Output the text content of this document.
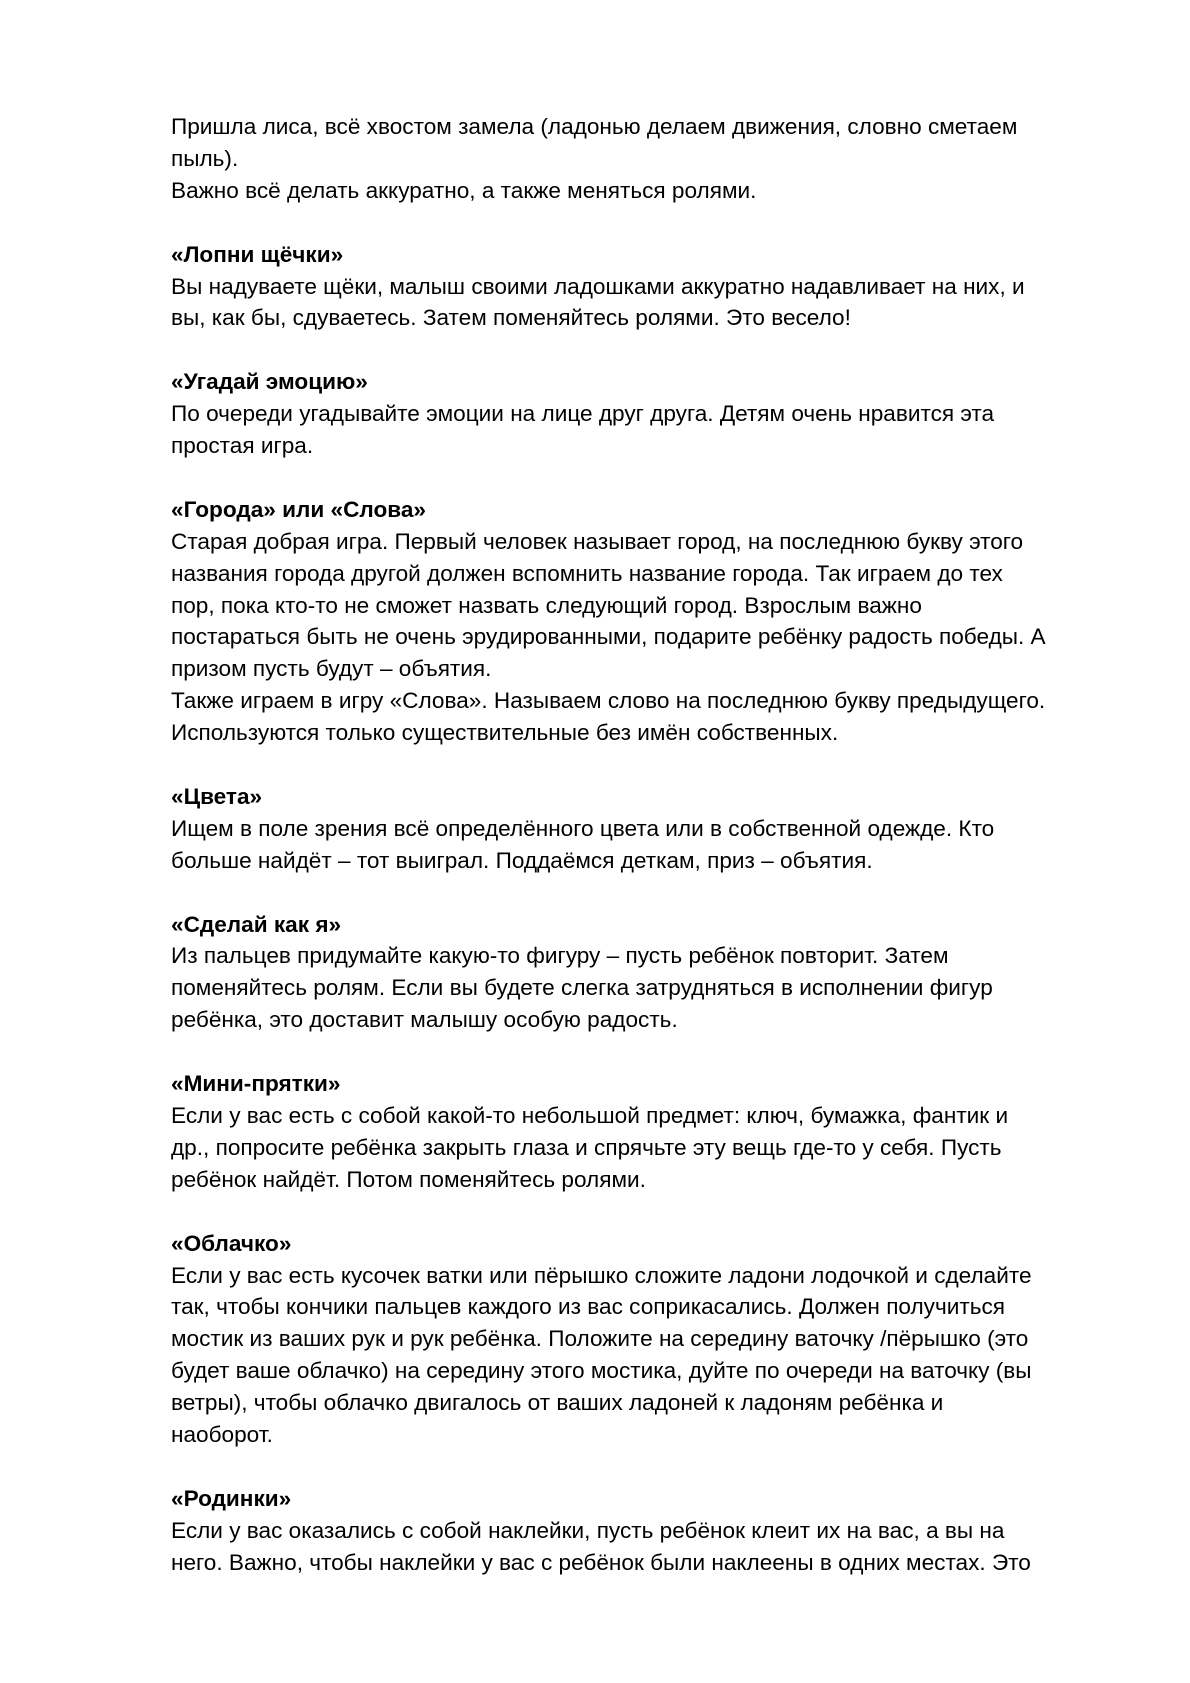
Пришла лиса, всё хвостом замела (ладонью делаем движения, словно сметаем

пыль).

Важно всё делать аккуратно, а также меняться ролями.

«Лопни щёчки»

Вы надуваете щёки, малыш своими ладошками аккуратно надавливает на них, и

вы, как бы, сдуваетесь. Затем поменяйтесь ролями. Это весело!

«Угадай эмоцию»

По очереди угадывайте эмоции на лице друг друга. Детям очень нравится эта

простая игра.

«Города» или «Слова»

Старая добрая игра. Первый человек называет город, на последнюю букву этого

названия города другой должен вспомнить название города. Так играем до тех

пор, пока кто-то не сможет назвать следующий город. Взрослым важно

постараться быть не очень эрудированными, подарите ребёнку радость победы. А

призом пусть будут – объятия.

Также играем в игру «Слова». Называем слово на последнюю букву предыдущего.

Используются только существительные без имён собственных.

«Цвета»

Ищем в поле зрения всё определённого цвета или в собственной одежде. Кто

больше найдёт – тот выиграл. Поддаёмся деткам, приз – объятия.

«Сделай как я»

Из пальцев придумайте какую-то фигуру – пусть ребёнок повторит. Затем

поменяйтесь ролям. Если вы будете слегка затрудняться в исполнении фигур

ребёнка, это доставит малышу особую радость.

«Мини-прятки»

Если у вас есть с собой какой-то небольшой предмет: ключ, бумажка, фантик и

др., попросите ребёнка закрыть глаза и спрячьте эту вещь где-то у себя. Пусть

ребёнок найдёт. Потом поменяйтесь ролями.

«Облачко»

Если у вас есть кусочек ватки или пёрышко сложите ладони лодочкой и сделайте

так, чтобы кончики пальцев каждого из вас соприкасались. Должен получиться

мостик из ваших рук и рук ребёнка. Положите на середину ваточку /пёрышко (это

будет ваше облачко) на середину этого мостика, дуйте по очереди на ваточку (вы

ветры), чтобы облачко двигалось от ваших ладоней к ладоням ребёнка и

наоборот.

«Родинки»

Если у вас оказались с собой наклейки, пусть ребёнок клеит их на вас, а вы на

него. Важно, чтобы наклейки у вас с ребёнок были наклеены в одних местах. Это
